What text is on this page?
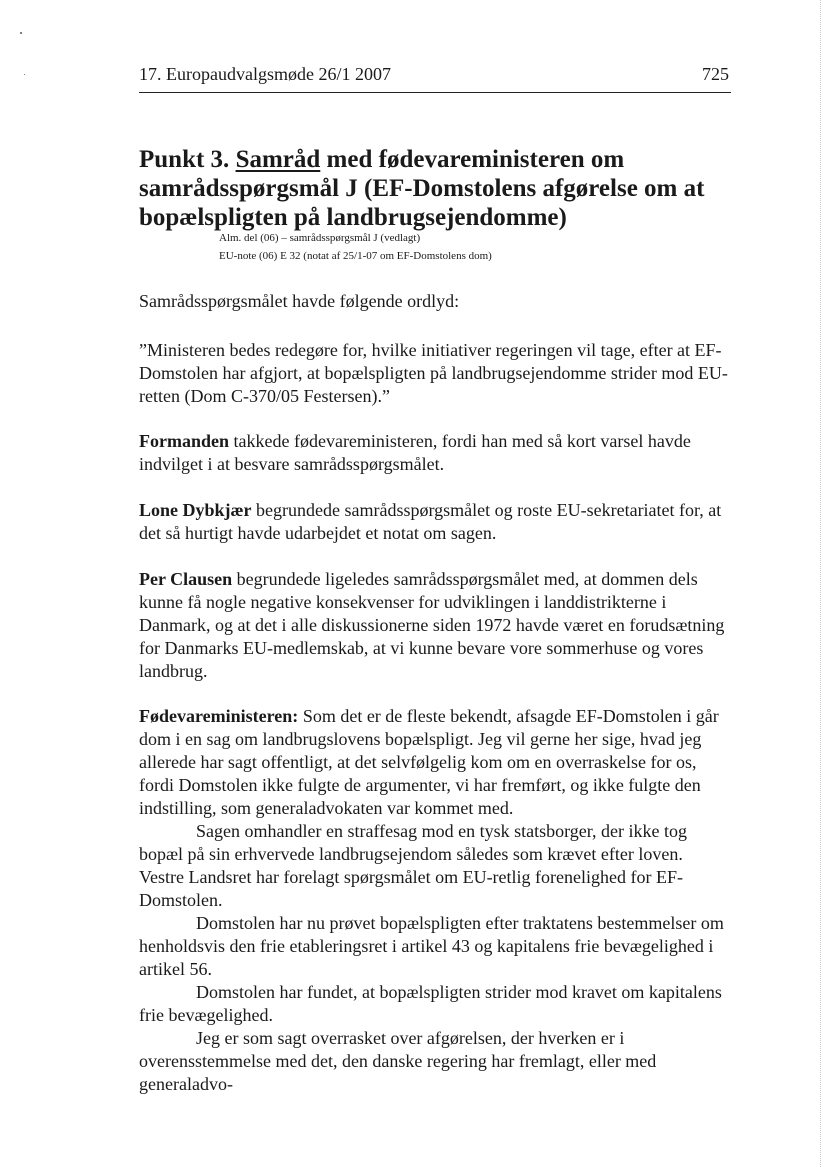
17. Europaudvalgsmøde 26/1 2007	725
Punkt 3. Samråd med fødevareministeren om samrådsspørgsmål J (EF-Domstolens afgørelse om at bopælspligten på landbrugsejendomme)
Alm. del (06) – samrådsspørgsmål J (vedlagt)
EU-note (06) E 32 (notat af 25/1-07 om EF-Domstolens dom)

Samrådsspørgsmålet havde følgende ordlyd:

”Ministeren bedes redegøre for, hvilke initiativer regeringen vil tage, efter at EF-Domstolen har afgjort, at bopælspligten på landbrugsejendomme strider mod EU-retten (Dom C-370/05 Festersen).”

Formanden takkede fødevareministeren, fordi han med så kort varsel havde indvilget i at besvare samrådsspørgsmålet.

Lone Dybkjær begrundede samrådsspørgsmålet og roste EU-sekretariatet for, at det så hurtigt havde udarbejdet et notat om sagen.

Per Clausen begrundede ligeledes samrådsspørgsmålet med, at dommen dels kunne få nogle negative konsekvenser for udviklingen i landdistrikterne i Danmark, og at det i alle diskussionerne siden 1972 havde været en forudsætning for Danmarks EU-medlemskab, at vi kunne bevare vore sommerhuse og vores landbrug.

Fødevareministeren: Som det er de fleste bekendt, afsagde EF-Domstolen i går dom i en sag om landbrugslovens bopælspligt. Jeg vil gerne her sige, hvad jeg allerede har sagt offentligt, at det selvfølgelig kom om en overraskelse for os, fordi Domstolen ikke fulgte de argumenter, vi har fremført, og ikke fulgte den indstilling, som generaladvokaten var kommet med.

Sagen omhandler en straffesag mod en tysk statsborger, der ikke tog bopæl på sin erhvervede landbrugsejendom således som krævet efter loven. Vestre Landsret har forelagt spørgsmålet om EU-retlig forenelighed for EF-Domstolen.

Domstolen har nu prøvet bopælspligten efter traktatens bestemmelser om henholdsvis den frie etableringsret i artikel 43 og kapitalens frie bevægelighed i artikel 56.

Domstolen har fundet, at bopælspligten strider mod kravet om kapitalens frie bevægelighed.

Jeg er som sagt overrasket over afgørelsen, der hverken er i overensstemmelse med det, den danske regering har fremlagt, eller med generaladvo-
